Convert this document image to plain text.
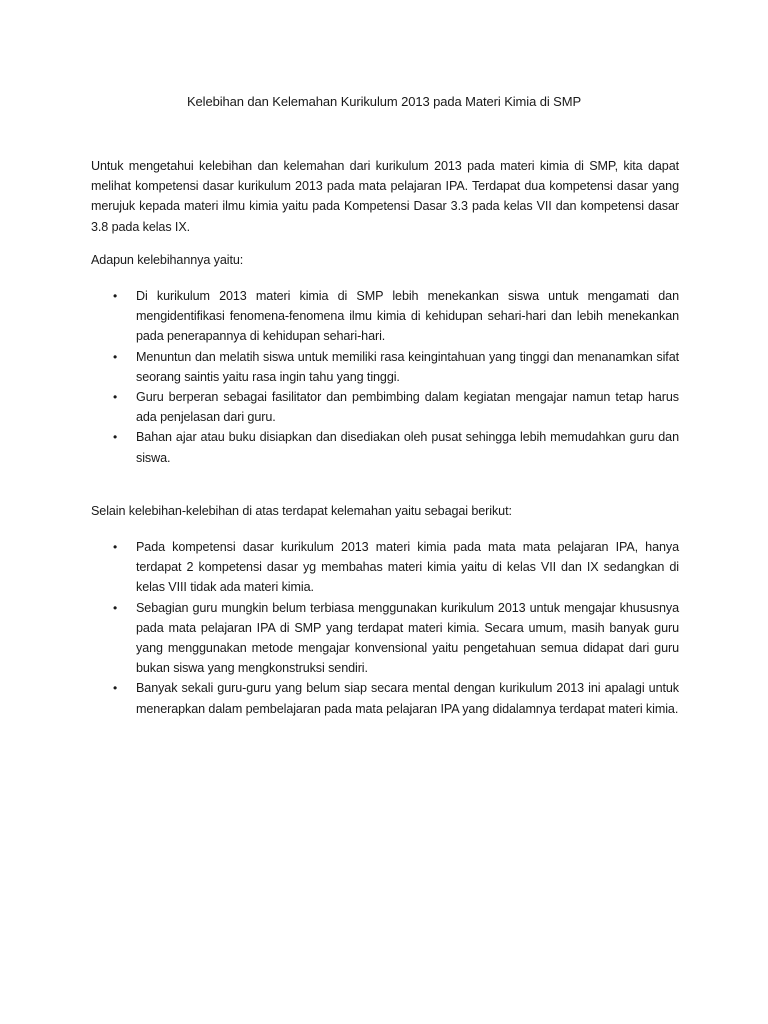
Kelebihan dan Kelemahan Kurikulum 2013 pada Materi Kimia di SMP

Untuk mengetahui kelebihan dan kelemahan dari kurikulum 2013 pada materi kimia di SMP, kita dapat melihat kompetensi dasar kurikulum 2013 pada mata pelajaran IPA. Terdapat dua kompetensi dasar yang merujuk kepada materi ilmu kimia yaitu pada Kompetensi Dasar 3.3 pada kelas VII dan kompetensi dasar 3.8 pada kelas IX.

Adapun kelebihannya yaitu:

• Di kurikulum 2013 materi kimia di SMP lebih menekankan siswa untuk mengamati dan mengidentifikasi fenomena-fenomena ilmu kimia di kehidupan sehari-hari dan lebih menekankan pada penerapannya di kehidupan sehari-hari.
• Menuntun dan melatih siswa untuk memiliki rasa keingintahuan yang tinggi dan menanamkan sifat seorang saintis yaitu rasa ingin tahu yang tinggi.
• Guru berperan sebagai fasilitator dan pembimbing dalam kegiatan mengajar namun tetap harus ada penjelasan dari guru.
• Bahan ajar atau buku disiapkan dan disediakan oleh pusat sehingga lebih memudahkan guru dan siswa.

Selain kelebihan-kelebihan di atas terdapat kelemahan yaitu sebagai berikut:

• Pada kompetensi dasar kurikulum 2013 materi kimia pada mata mata pelajaran IPA, hanya terdapat 2 kompetensi dasar yg membahas materi kimia yaitu di kelas VII dan IX sedangkan di kelas VIII tidak ada materi kimia.
• Sebagian guru mungkin belum terbiasa menggunakan kurikulum 2013 untuk mengajar khususnya pada mata pelajaran IPA di SMP yang terdapat materi kimia. Secara umum, masih banyak guru yang menggunakan metode mengajar konvensional yaitu pengetahuan semua didapat dari guru bukan siswa yang mengkonstruksi sendiri.
• Banyak sekali guru-guru yang belum siap secara mental dengan kurikulum 2013 ini apalagi untuk menerapkan dalam pembelajaran pada mata pelajaran IPA yang didalamnya terdapat materi kimia.
